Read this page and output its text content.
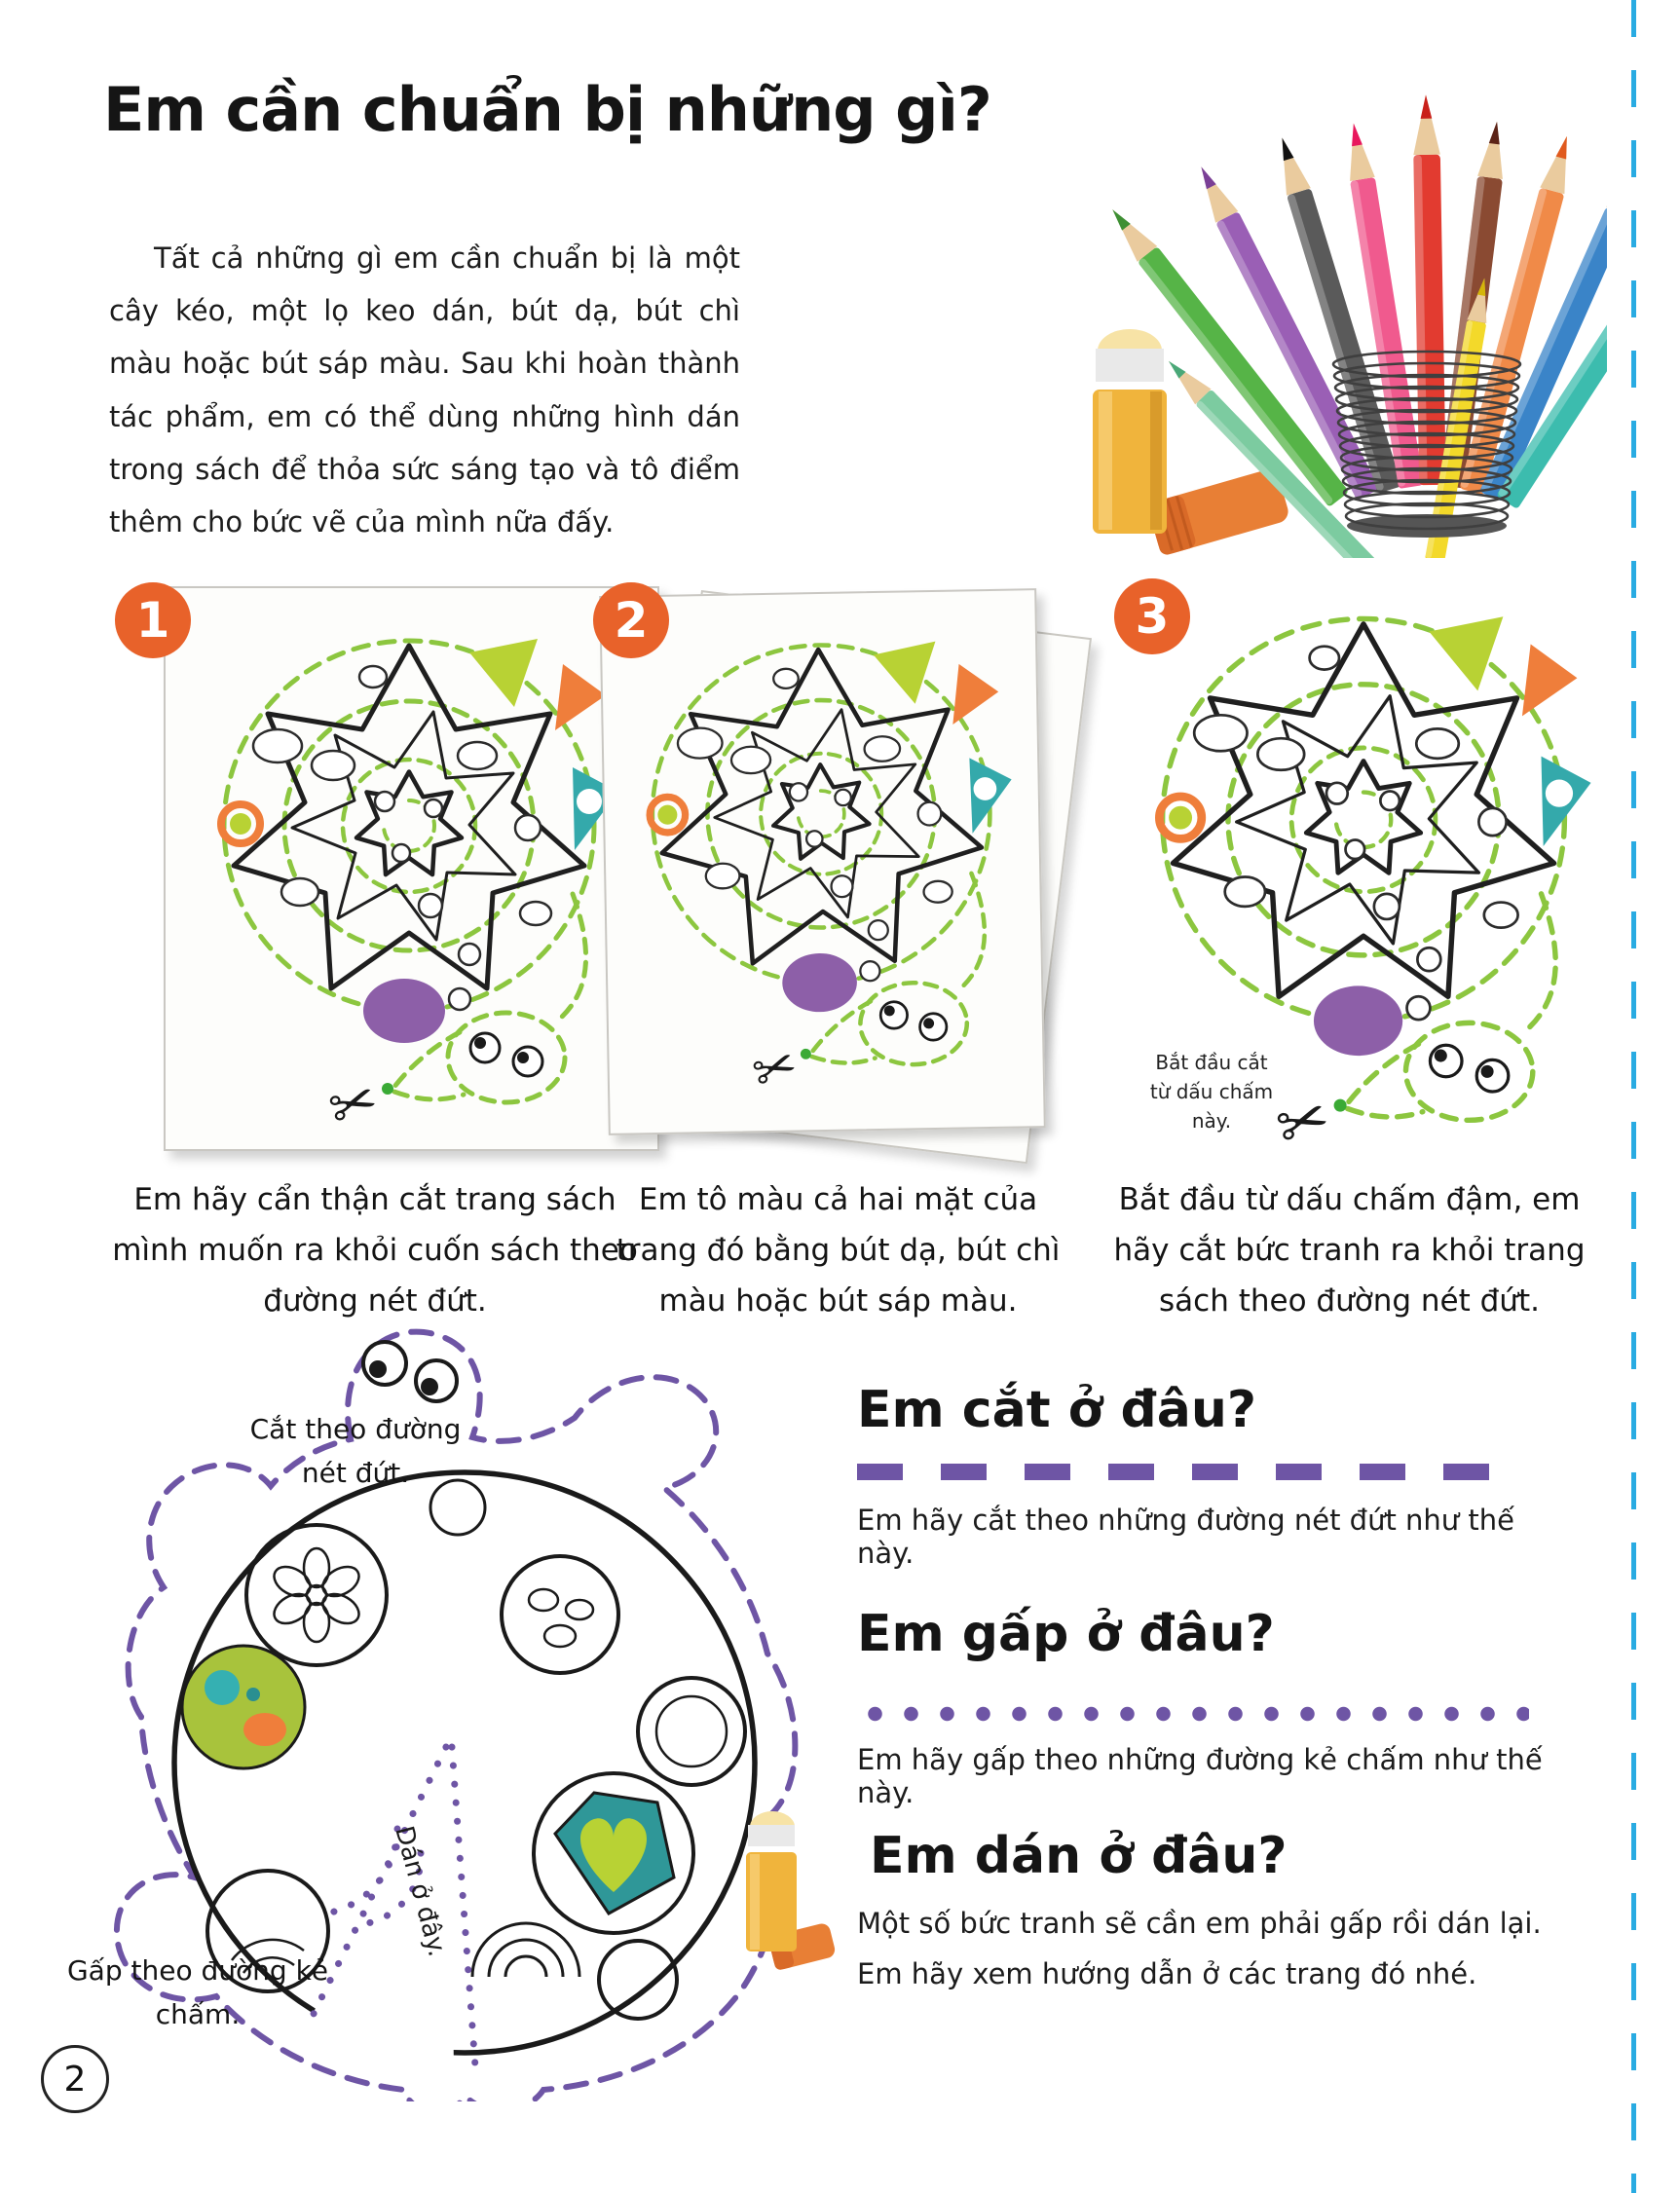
Em cần chuẩn bị những gì?
Tất cả những gì em cần chuẩn bị là một cây kéo, một lọ keo dán, bút dạ, bút chì màu hoặc bút sáp màu. Sau khi hoàn thành tác phẩm, em có thể dùng những hình dán trong sách để thỏa sức sáng tạo và tô điểm thêm cho bức vẽ của mình nữa đấy.
1	2	3
Bắt đầu cắt từ dấu chấm này.
Em hãy cẩn thận cắt trang sách mình muốn ra khỏi cuốn sách theo đường nét đứt.
Em tô màu cả hai mặt của trang đó bằng bút dạ, bút chì màu hoặc bút sáp màu.
Bắt đầu từ dấu chấm đậm, em hãy cắt bức tranh ra khỏi trang sách theo đường nét đứt.
Dán ở đây.
Cắt theo đường nét đứt.
Gấp theo đường kẻ chấm.
Em cắt ở đâu?
Em hãy cắt theo những đường nét đứt như thế này.
Em gấp ở đâu?
Em hãy gấp theo những đường kẻ chấm như thế này.
Em dán ở đâu?
Một số bức tranh sẽ cần em phải gấp rồi dán lại.
Em hãy xem hướng dẫn ở các trang đó nhé.
2
